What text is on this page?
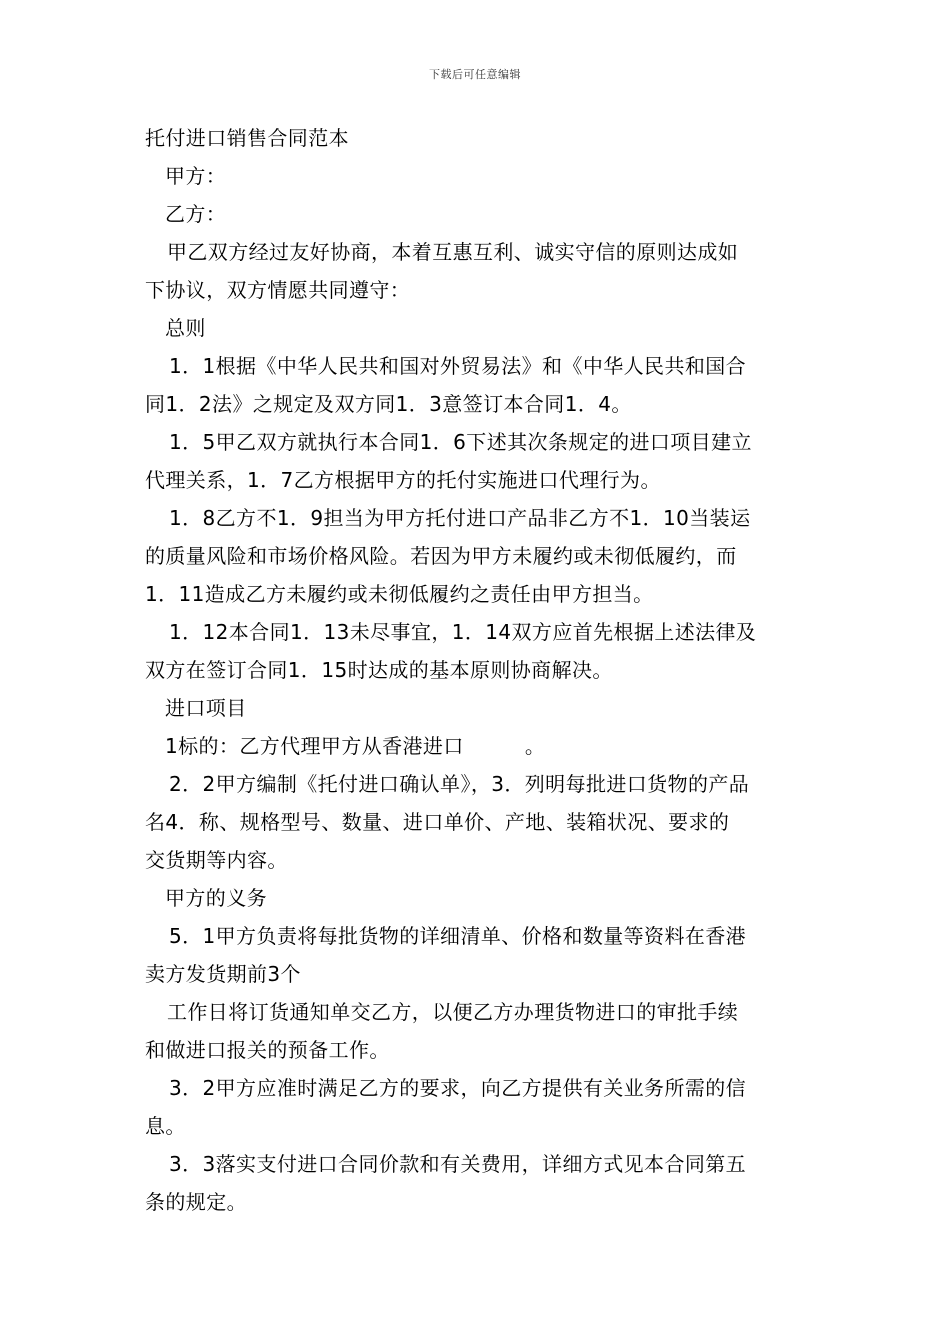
下载后可任意编辑
托付进口销售合同范本
甲方：
乙方：
甲乙双方经过友好协商，本着互惠互利、诚实守信的原则达成如
下协议，双方情愿共同遵守：
总则
1．1根据《中华人民共和国对外贸易法》和《中华人民共和国合
同1．2法》之规定及双方同1．3意签订本合同1．4。
1．5甲乙双方就执行本合同1．6下述其次条规定的进口项目建立
代理关系，1．7乙方根据甲方的托付实施进口代理行为。
1．8乙方不1．9担当为甲方托付进口产品非乙方不1．10当装运
的质量风险和市场价格风险。若因为甲方未履约或未彻低履约，而
1．11造成乙方未履约或未彻低履约之责任由甲方担当。
1．12本合同1．13未尽事宜，1．14双方应首先根据上述法律及
双方在签订合同1．15时达成的基本原则协商解决。
进口项目
1标的：乙方代理甲方从香港进口　　　。
2．2甲方编制《托付进口确认单》，3．列明每批进口货物的产品
名4．称、规格型号、数量、进口单价、产地、装箱状况、要求的
交货期等内容。
甲方的义务
5．1甲方负责将每批货物的详细清单、价格和数量等资料在香港
卖方发货期前3个
工作日将订货通知单交乙方，以便乙方办理货物进口的审批手续
和做进口报关的预备工作。
3．2甲方应准时满足乙方的要求，向乙方提供有关业务所需的信
息。
3．3落实支付进口合同价款和有关费用，详细方式见本合同第五
条的规定。
